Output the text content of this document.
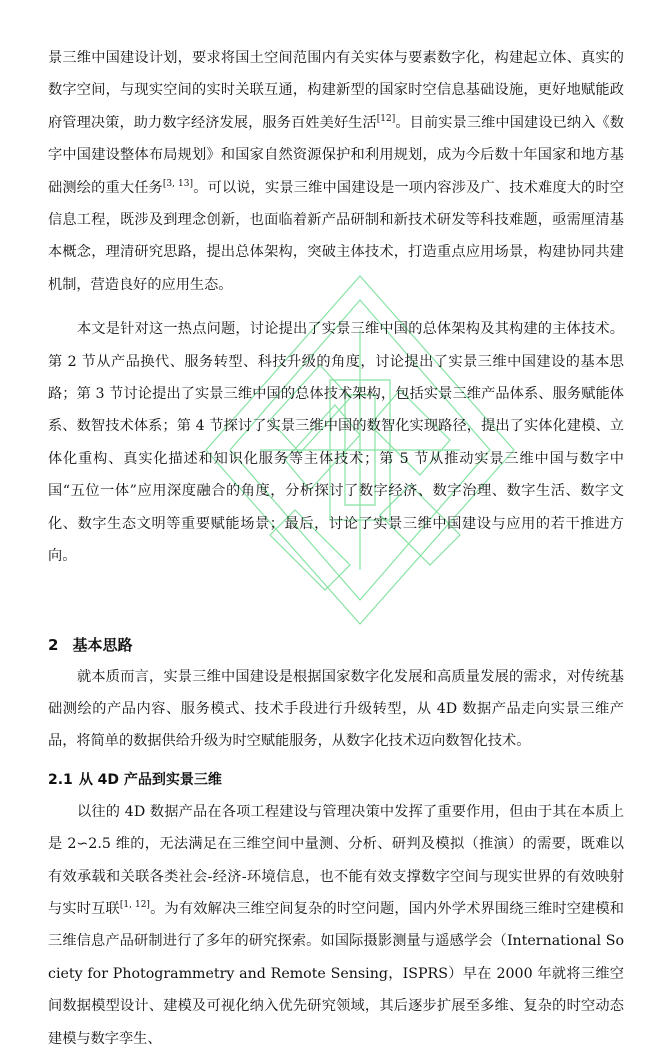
景三维中国建设计划，要求将国土空间范围内有关实体与要素数字化，构建起立体、真实的数字空间，与现实空间的实时关联互通，构建新型的国家时空信息基础设施，更好地赋能政府管理决策，助力数字经济发展，服务百姓美好生活[12]。目前实景三维中国建设已纳入《数字中国建设整体布局规划》和国家自然资源保护和利用规划，成为今后数十年国家和地方基础测绘的重大任务[3, 13]。可以说，实景三维中国建设是一项内容涉及广、技术难度大的时空信息工程，既涉及到理念创新，也面临着新产品研制和新技术研发等科技难题，亟需厘清基本概念，理清研究思路，提出总体架构，突破主体技术，打造重点应用场景，构建协同共建机制，营造良好的应用生态。

本文是针对这一热点问题，讨论提出了实景三维中国的总体架构及其构建的主体技术。第 2 节从产品换代、服务转型、科技升级的角度，讨论提出了实景三维中国建设的基本思路；第 3 节讨论提出了实景三维中国的总体技术架构，包括实景三维产品体系、服务赋能体系、数智技术体系；第 4 节探讨了实景三维中国的数智化实现路径，提出了实体化建模、立体化重构、真实化描述和知识化服务等主体技术；第 5 节从推动实景三维中国与数字中国“五位一体”应用深度融合的角度，分析探讨了数字经济、数字治理、数字生活、数字文化、数字生态文明等重要赋能场景；最后，讨论了实景三维中国建设与应用的若干推进方向。

2 基本思路

就本质而言，实景三维中国建设是根据国家数字化发展和高质量发展的需求，对传统基础测绘的产品内容、服务模式、技术手段进行升级转型，从 4D 数据产品走向实景三维产品，将简单的数据供给升级为时空赋能服务，从数字化技术迈向数智化技术。

2.1 从 4D 产品到实景三维

以往的 4D 数据产品在各项工程建设与管理决策中发挥了重要作用，但由于其在本质上是 2∽2.5 维的，无法满足在三维空间中量测、分析、研判及模拟（推演）的需要，既难以有效承载和关联各类社会-经济-环境信息，也不能有效支撑数字空间与现实世界的有效映射与实时互联[1, 12]。为有效解决三维空间复杂的时空问题，国内外学术界围绕三维时空建模和三维信息产品研制进行了多年的研究探索。如国际摄影测量与遥感学会（International Society for Photogrammetry and Remote Sensing，ISPRS）早在 2000 年就将三维空间数据模型设计、建模及可视化纳入优先研究领域，其后逐步扩展至多维、复杂的时空动态建模与数字孪生、
